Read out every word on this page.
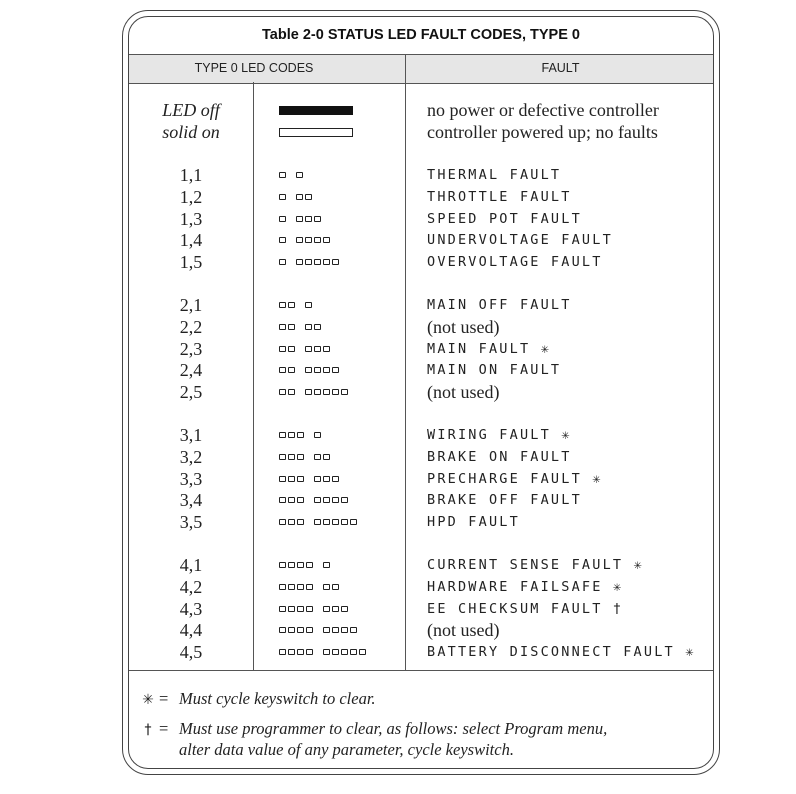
Table 2-0 STATUS LED FAULT CODES, TYPE 0
TYPE 0 LED CODES	FAULT
LED off	no power or defective controller
solid on	controller powered up; no faults
1,1	THERMAL FAULT
1,2	THROTTLE FAULT
1,3	SPEED POT FAULT
1,4	UNDERVOLTAGE FAULT
1,5	OVERVOLTAGE FAULT
2,1	MAIN OFF FAULT
2,2	(not used)
2,3	MAIN FAULT ✳
2,4	MAIN ON FAULT
2,5	(not used)
3,1	WIRING FAULT ✳
3,2	BRAKE ON FAULT
3,3	PRECHARGE FAULT ✳
3,4	BRAKE OFF FAULT
3,5	HPD FAULT
4,1	CURRENT SENSE FAULT ✳
4,2	HARDWARE FAILSAFE ✳
4,3	EE CHECKSUM FAULT †
4,4	(not used)
4,5	BATTERY DISCONNECT FAULT ✳
✳ = Must cycle keyswitch to clear.
† = Must use programmer to clear, as follows: select Program menu,
alter data value of any parameter, cycle keyswitch.
